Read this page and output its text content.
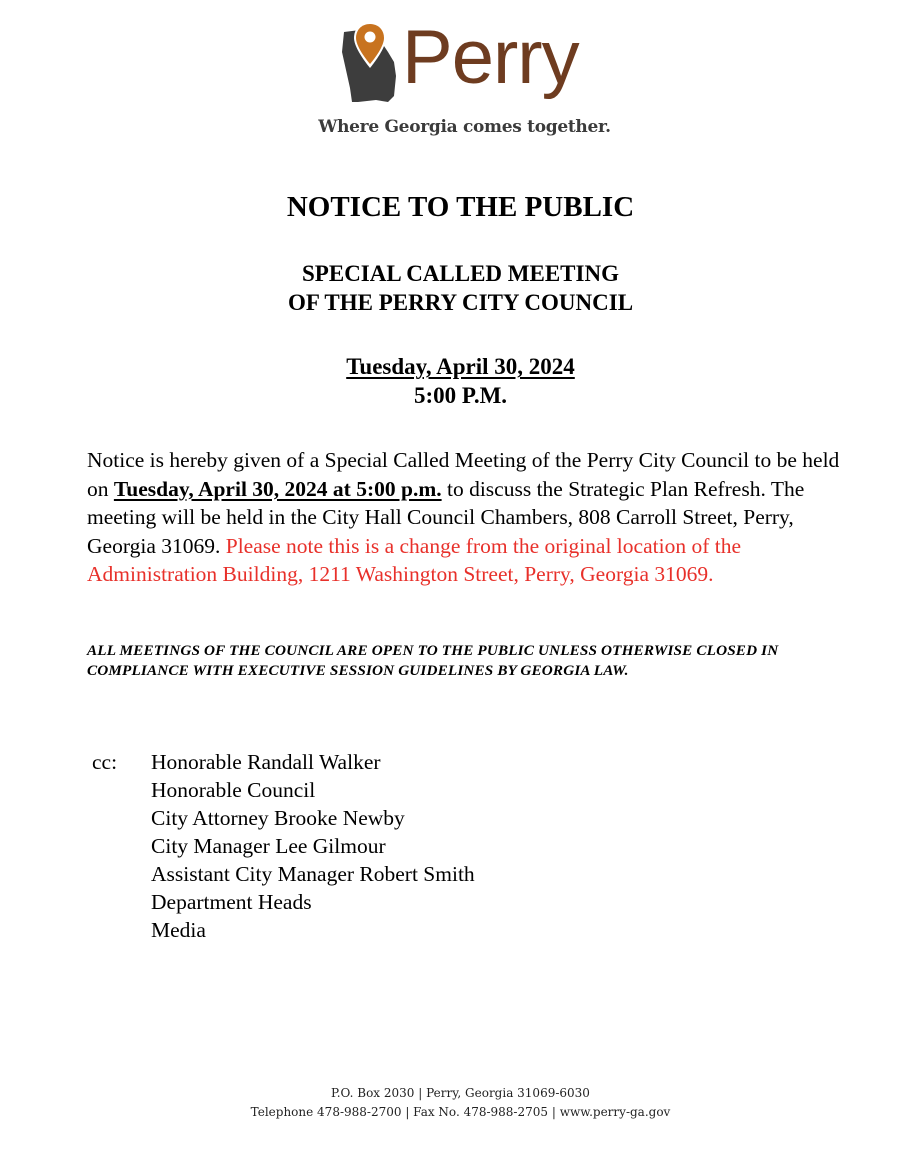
Perry
Where Georgia comes together.
NOTICE TO THE PUBLIC
SPECIAL CALLED MEETING
OF THE PERRY CITY COUNCIL
Tuesday, April 30, 2024
5:00 P.M.
Notice is hereby given of a Special Called Meeting of the Perry City Council to be held on Tuesday, April 30, 2024 at 5:00 p.m. to discuss the Strategic Plan Refresh. The meeting will be held in the City Hall Council Chambers, 808 Carroll Street, Perry, Georgia 31069. Please note this is a change from the original location of the Administration Building, 1211 Washington Street, Perry, Georgia 31069.
ALL MEETINGS OF THE COUNCIL ARE OPEN TO THE PUBLIC UNLESS OTHERWISE CLOSED IN COMPLIANCE WITH EXECUTIVE SESSION GUIDELINES BY GEORGIA LAW.
cc: Honorable Randall Walker
Honorable Council
City Attorney Brooke Newby
City Manager Lee Gilmour
Assistant City Manager Robert Smith
Department Heads
Media
P.O. Box 2030 | Perry, Georgia 31069-6030
Telephone 478-988-2700 | Fax No. 478-988-2705 | www.perry-ga.gov
